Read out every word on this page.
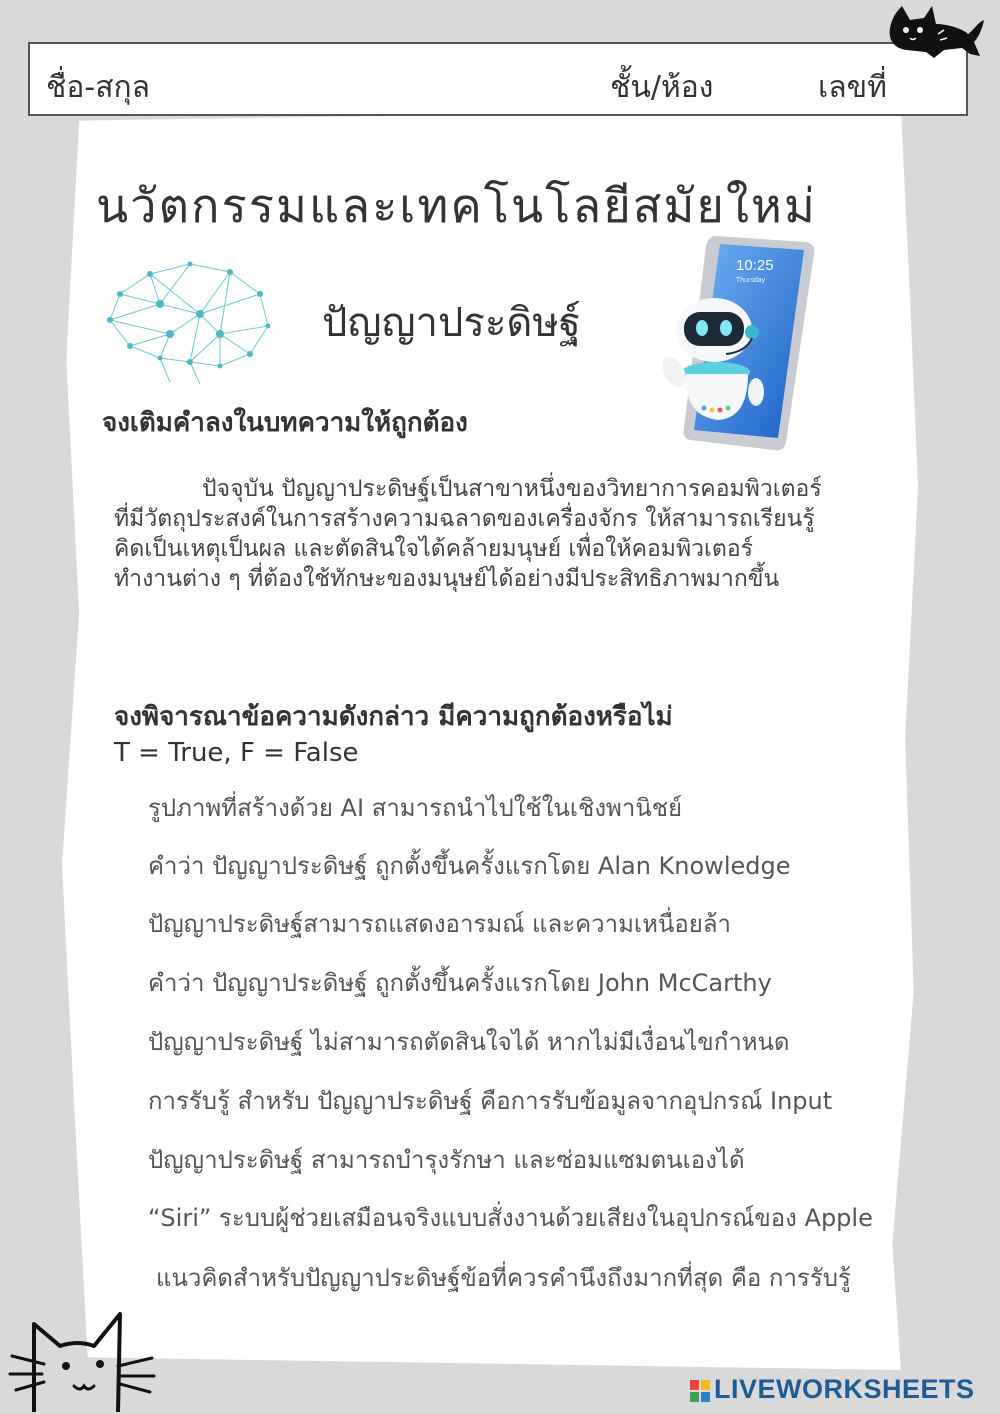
ชื่อ-สกุล	ชั้น/ห้อง	เลขที่
นวัตกรรมและเทคโนโลยีสมัยใหม่
ปัญญาประดิษฐ์
10:25
Thursday
จงเติมคำลงในบทความให้ถูกต้อง
ปัจจุบัน ปัญญาประดิษฐ์เป็นสาขาหนึ่งของวิทยาการคอมพิวเตอร์
ที่มีวัตถุประสงค์ในการสร้างความฉลาดของเครื่องจักร ให้สามารถเรียนรู้
คิดเป็นเหตุเป็นผล และตัดสินใจได้คล้ายมนุษย์ เพื่อให้คอมพิวเตอร์
ทำงานต่าง ๆ ที่ต้องใช้ทักษะของมนุษย์ได้อย่างมีประสิทธิภาพมากขึ้น
จงพิจารณาข้อความดังกล่าว มีความถูกต้องหรือไม่
T = True, F = False
รูปภาพที่สร้างด้วย AI สามารถนำไปใช้ในเชิงพานิชย์
คำว่า ปัญญาประดิษฐ์ ถูกตั้งขึ้นครั้งแรกโดย Alan Knowledge
ปัญญาประดิษฐ์สามารถแสดงอารมณ์ และความเหนื่อยล้า
คำว่า ปัญญาประดิษฐ์ ถูกตั้งขึ้นครั้งแรกโดย John McCarthy
ปัญญาประดิษฐ์ ไม่สามารถตัดสินใจได้ หากไม่มีเงื่อนไขกำหนด
การรับรู้ สำหรับ ปัญญาประดิษฐ์ คือการรับข้อมูลจากอุปกรณ์ Input
ปัญญาประดิษฐ์ สามารถบำรุงรักษา และซ่อมแซมตนเองได้
“Siri” ระบบผู้ช่วยเสมือนจริงแบบสั่งงานด้วยเสียงในอุปกรณ์ของ Apple
แนวคิดสำหรับปัญญาประดิษฐ์ข้อที่ควรคำนึงถึงมากที่สุด คือ การรับรู้
LIVEWORKSHEETS
